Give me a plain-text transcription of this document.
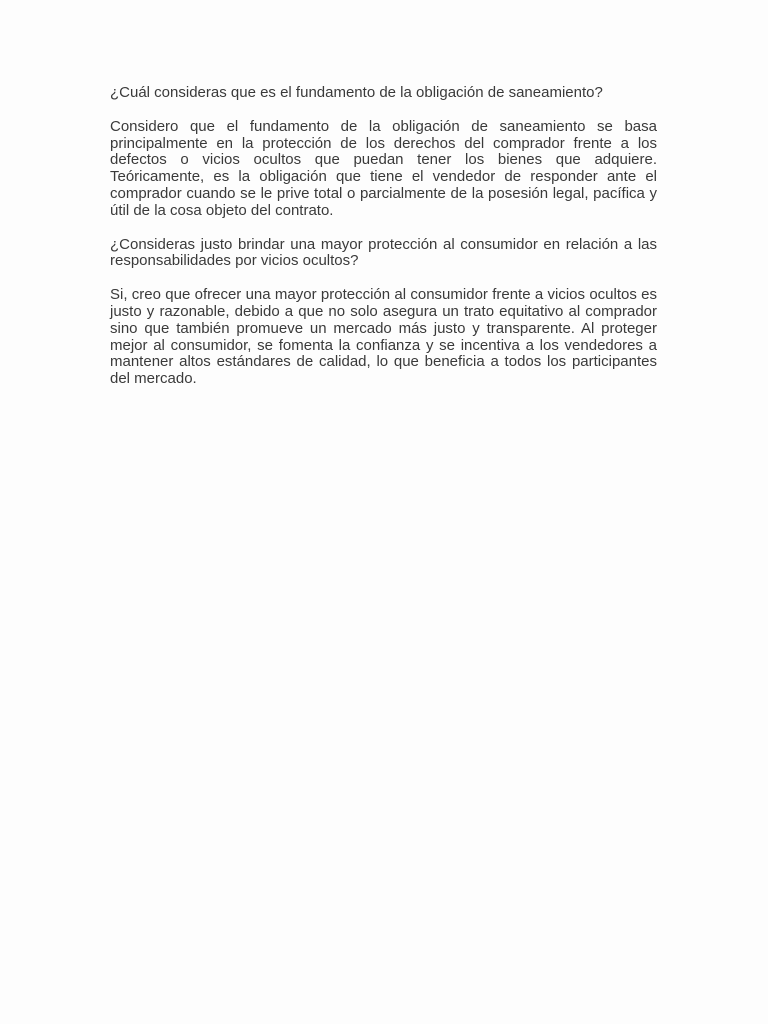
¿Cuál consideras que es el fundamento de la obligación de saneamiento?

Considero que el fundamento de la obligación de saneamiento se basa principalmente en la protección de los derechos del comprador frente a los defectos o vicios ocultos que puedan tener los bienes que adquiere. Teóricamente, es la obligación que tiene el vendedor de responder ante el comprador cuando se le prive total o parcialmente de la posesión legal, pacífica y útil de la cosa objeto del contrato.

¿Consideras justo brindar una mayor protección al consumidor en relación a las responsabilidades por vicios ocultos?

Si, creo que ofrecer una mayor protección al consumidor frente a vicios ocultos es justo y razonable, debido a que no solo asegura un trato equitativo al comprador sino que también promueve un mercado más justo y transparente. Al proteger mejor al consumidor, se fomenta la confianza y se incentiva a los vendedores a mantener altos estándares de calidad, lo que beneficia a todos los participantes del mercado.
